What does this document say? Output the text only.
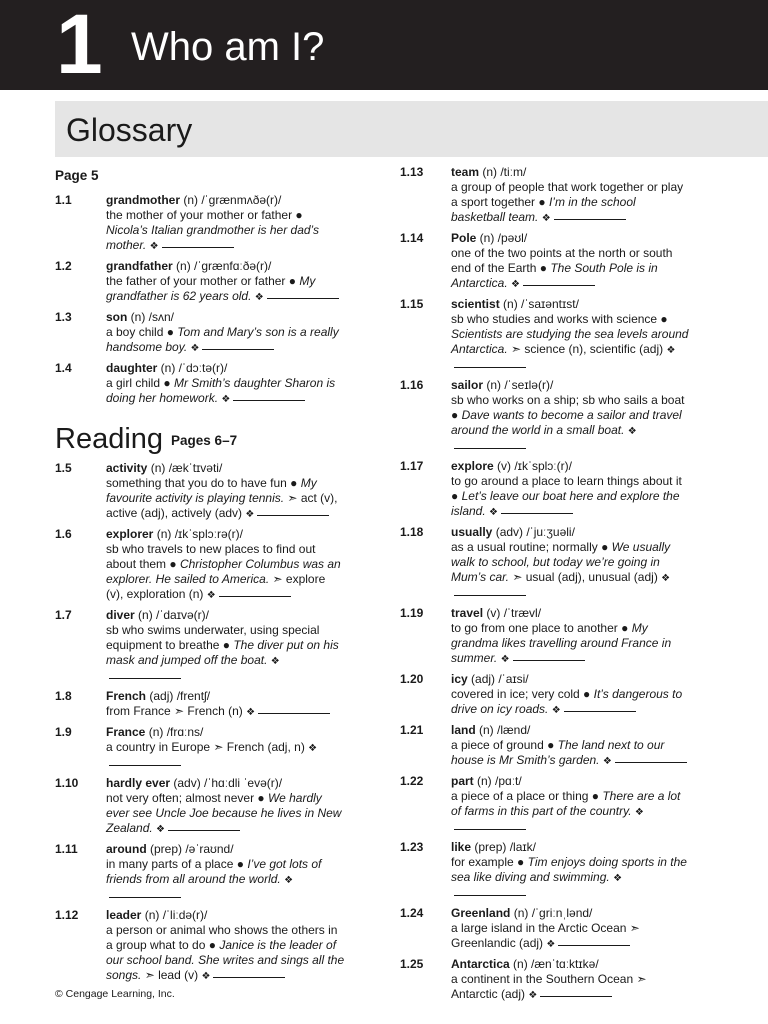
1 Who am I?
Glossary
Page 5
1.1	grandmother (n) /ˈɡrænmʌðə(r)/
the mother of your mother or father ● Nicola’s Italian grandmother is her dad’s mother. ❖
1.2	grandfather (n) /ˈɡrænfɑːðə(r)/
the father of your mother or father ● My grandfather is 62 years old. ❖
1.3	son (n) /sʌn/
a boy child ● Tom and Mary’s son is a really handsome boy. ❖
1.4	daughter (n) /ˈdɔːtə(r)/
a girl child ● Mr Smith’s daughter Sharon is doing her homework. ❖
Reading Pages 6–7
1.5	activity (n) /ækˈtɪvəti/
something that you do to have fun ● My favourite activity is playing tennis. ➣ act (v), active (adj), actively (adv) ❖
1.6	explorer (n) /ɪkˈsplɔːrə(r)/
sb who travels to new places to find out about them ● Christopher Columbus was an explorer. He sailed to America. ➣ explore (v), exploration (n) ❖
1.7	diver (n) /ˈdaɪvə(r)/
sb who swims underwater, using special equipment to breathe ● The diver put on his mask and jumped off the boat. ❖
1.8	French (adj) /frentʃ/
from France ➣ French (n) ❖
1.9	France (n) /frɑːns/
a country in Europe ➣ French (adj, n) ❖
1.10 hardly ever (adv) /ˈhɑːdli ˈevə(r)/
not very often; almost never ● We hardly ever see Uncle Joe because he lives in New Zealand. ❖
1.11 around (prep) /əˈraʊnd/
in many parts of a place ● I’ve got lots of friends from all around the world. ❖
1.12 leader (n) /ˈliːdə(r)/
a person or animal who shows the others in a group what to do ● Janice is the leader of our school band. She writes and sings all the songs. ➣ lead (v) ❖
1.13 team (n) /tiːm/
a group of people that work together or play a sport together ● I’m in the school basketball team. ❖
1.14 Pole (n) /pəʊl/
one of the two points at the north or south end of the Earth ● The South Pole is in Antarctica. ❖
1.15 scientist (n) /ˈsaɪəntɪst/
sb who studies and works with science ● Scientists are studying the sea levels around Antarctica. ➣ science (n), scientific (adj) ❖
1.16 sailor (n) /ˈseɪlə(r)/
sb who works on a ship; sb who sails a boat ● Dave wants to become a sailor and travel around the world in a small boat. ❖
1.17 explore (v) /ɪkˈsplɔː(r)/
to go around a place to learn things about it ● Let’s leave our boat here and explore the island. ❖
1.18 usually (adv) /ˈjuːʒuəli/
as a usual routine; normally ● We usually walk to school, but today we’re going in Mum’s car. ➣ usual (adj), unusual (adj) ❖
1.19 travel (v) /ˈtrævl/
to go from one place to another ● My grandma likes travelling around France in summer. ❖
1.20 icy (adj) /ˈaɪsi/
covered in ice; very cold ● It’s dangerous to drive on icy roads. ❖
1.21 land (n) /lænd/
a piece of ground ● The land next to our house is Mr Smith’s garden. ❖
1.22 part (n) /pɑːt/
a piece of a place or thing ● There are a lot of farms in this part of the country. ❖
1.23 like (prep) /laɪk/
for example ● Tim enjoys doing sports in the sea like diving and swimming. ❖
1.24 Greenland (n) /ˈɡriːnˌlənd/
a large island in the Arctic Ocean ➣ Greenlandic (adj) ❖
1.25 Antarctica (n) /ænˈtɑːktɪkə/
a continent in the Southern Ocean ➣ Antarctic (adj) ❖
© Cengage Learning, Inc.
